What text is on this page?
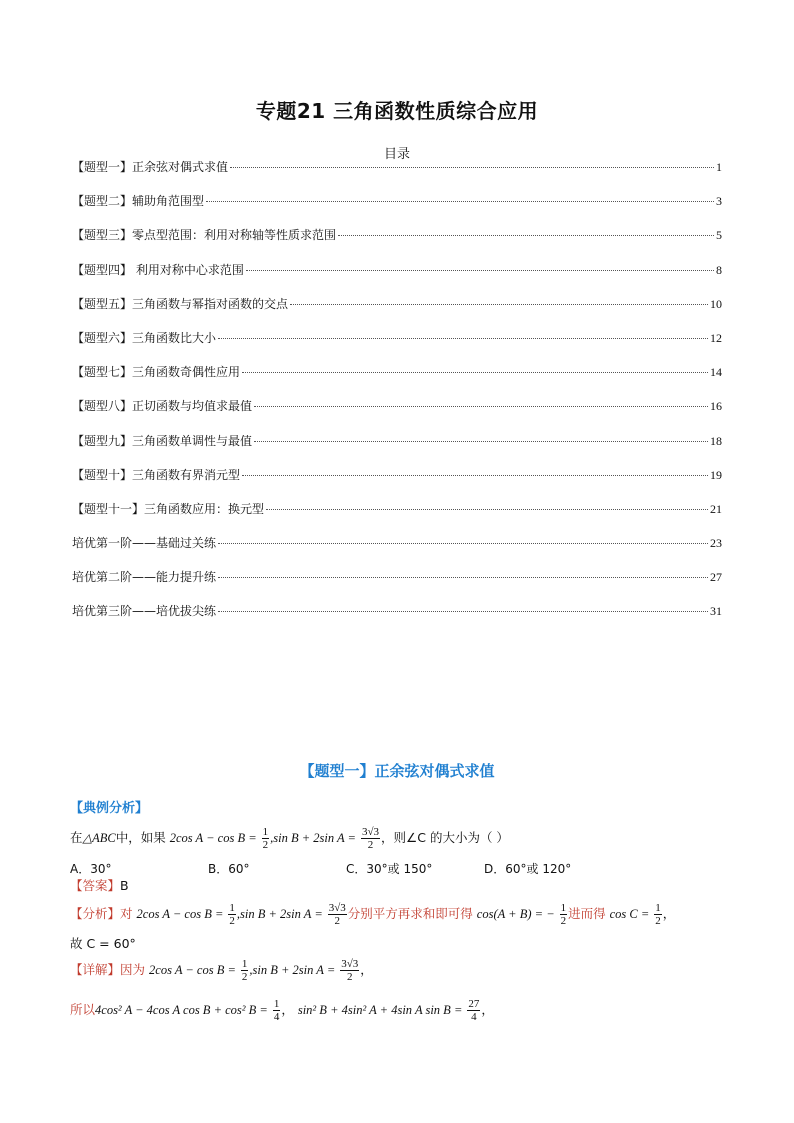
专题21 三角函数性质综合应用
目录
【题型一】正余弦对偶式求值	1
【题型二】辅助角范围型	3
【题型三】零点型范围：利用对称轴等性质求范围	5
【题型四】 利用对称中心求范围	8
【题型五】三角函数与幂指对函数的交点	10
【题型六】三角函数比大小	12
【题型七】三角函数奇偶性应用	14
【题型八】正切函数与均值求最值	16
【题型九】三角函数单调性与最值	18
【题型十】三角函数有界消元型	19
【题型十一】三角函数应用：换元型	21
培优第一阶——基础过关练	23
培优第二阶——能力提升练	27
培优第三阶——培优拔尖练	31
【题型一】正余弦对偶式求值
【典例分析】
在△ABC中，如果 2cos $A - \cos B = \frac{1}{2} ,\sin$ B + 2sin $A = \frac{3√3}{2}$ ，则∠C 的大小为（ ）
A．30°	B．60°	C．30°或 150°	D．60°或 120°
【答案】B
【分析】对 2cos $A - \cos B = \frac{1}{2} ,\sin$ B + 2sin $A = \frac{3√3}{2}$ 分别平方再求和即可得 cos(A + B) = − $\frac{1}{2}$ 进而得 $\cos C = \frac{1}{2}$ ，
故 C = 60°
【详解】因为 2cos $A - \cos B = \frac{1}{2} ,\sin$ B + 2sin $A = \frac{3√3}{2}$ ，
所以4cos² A − 4cos A cos B + cos² $B = \frac{1}{4}$ ， sin² B + 4sin² A + 4sin A $\sin B = \frac{27}{4}$ ，
